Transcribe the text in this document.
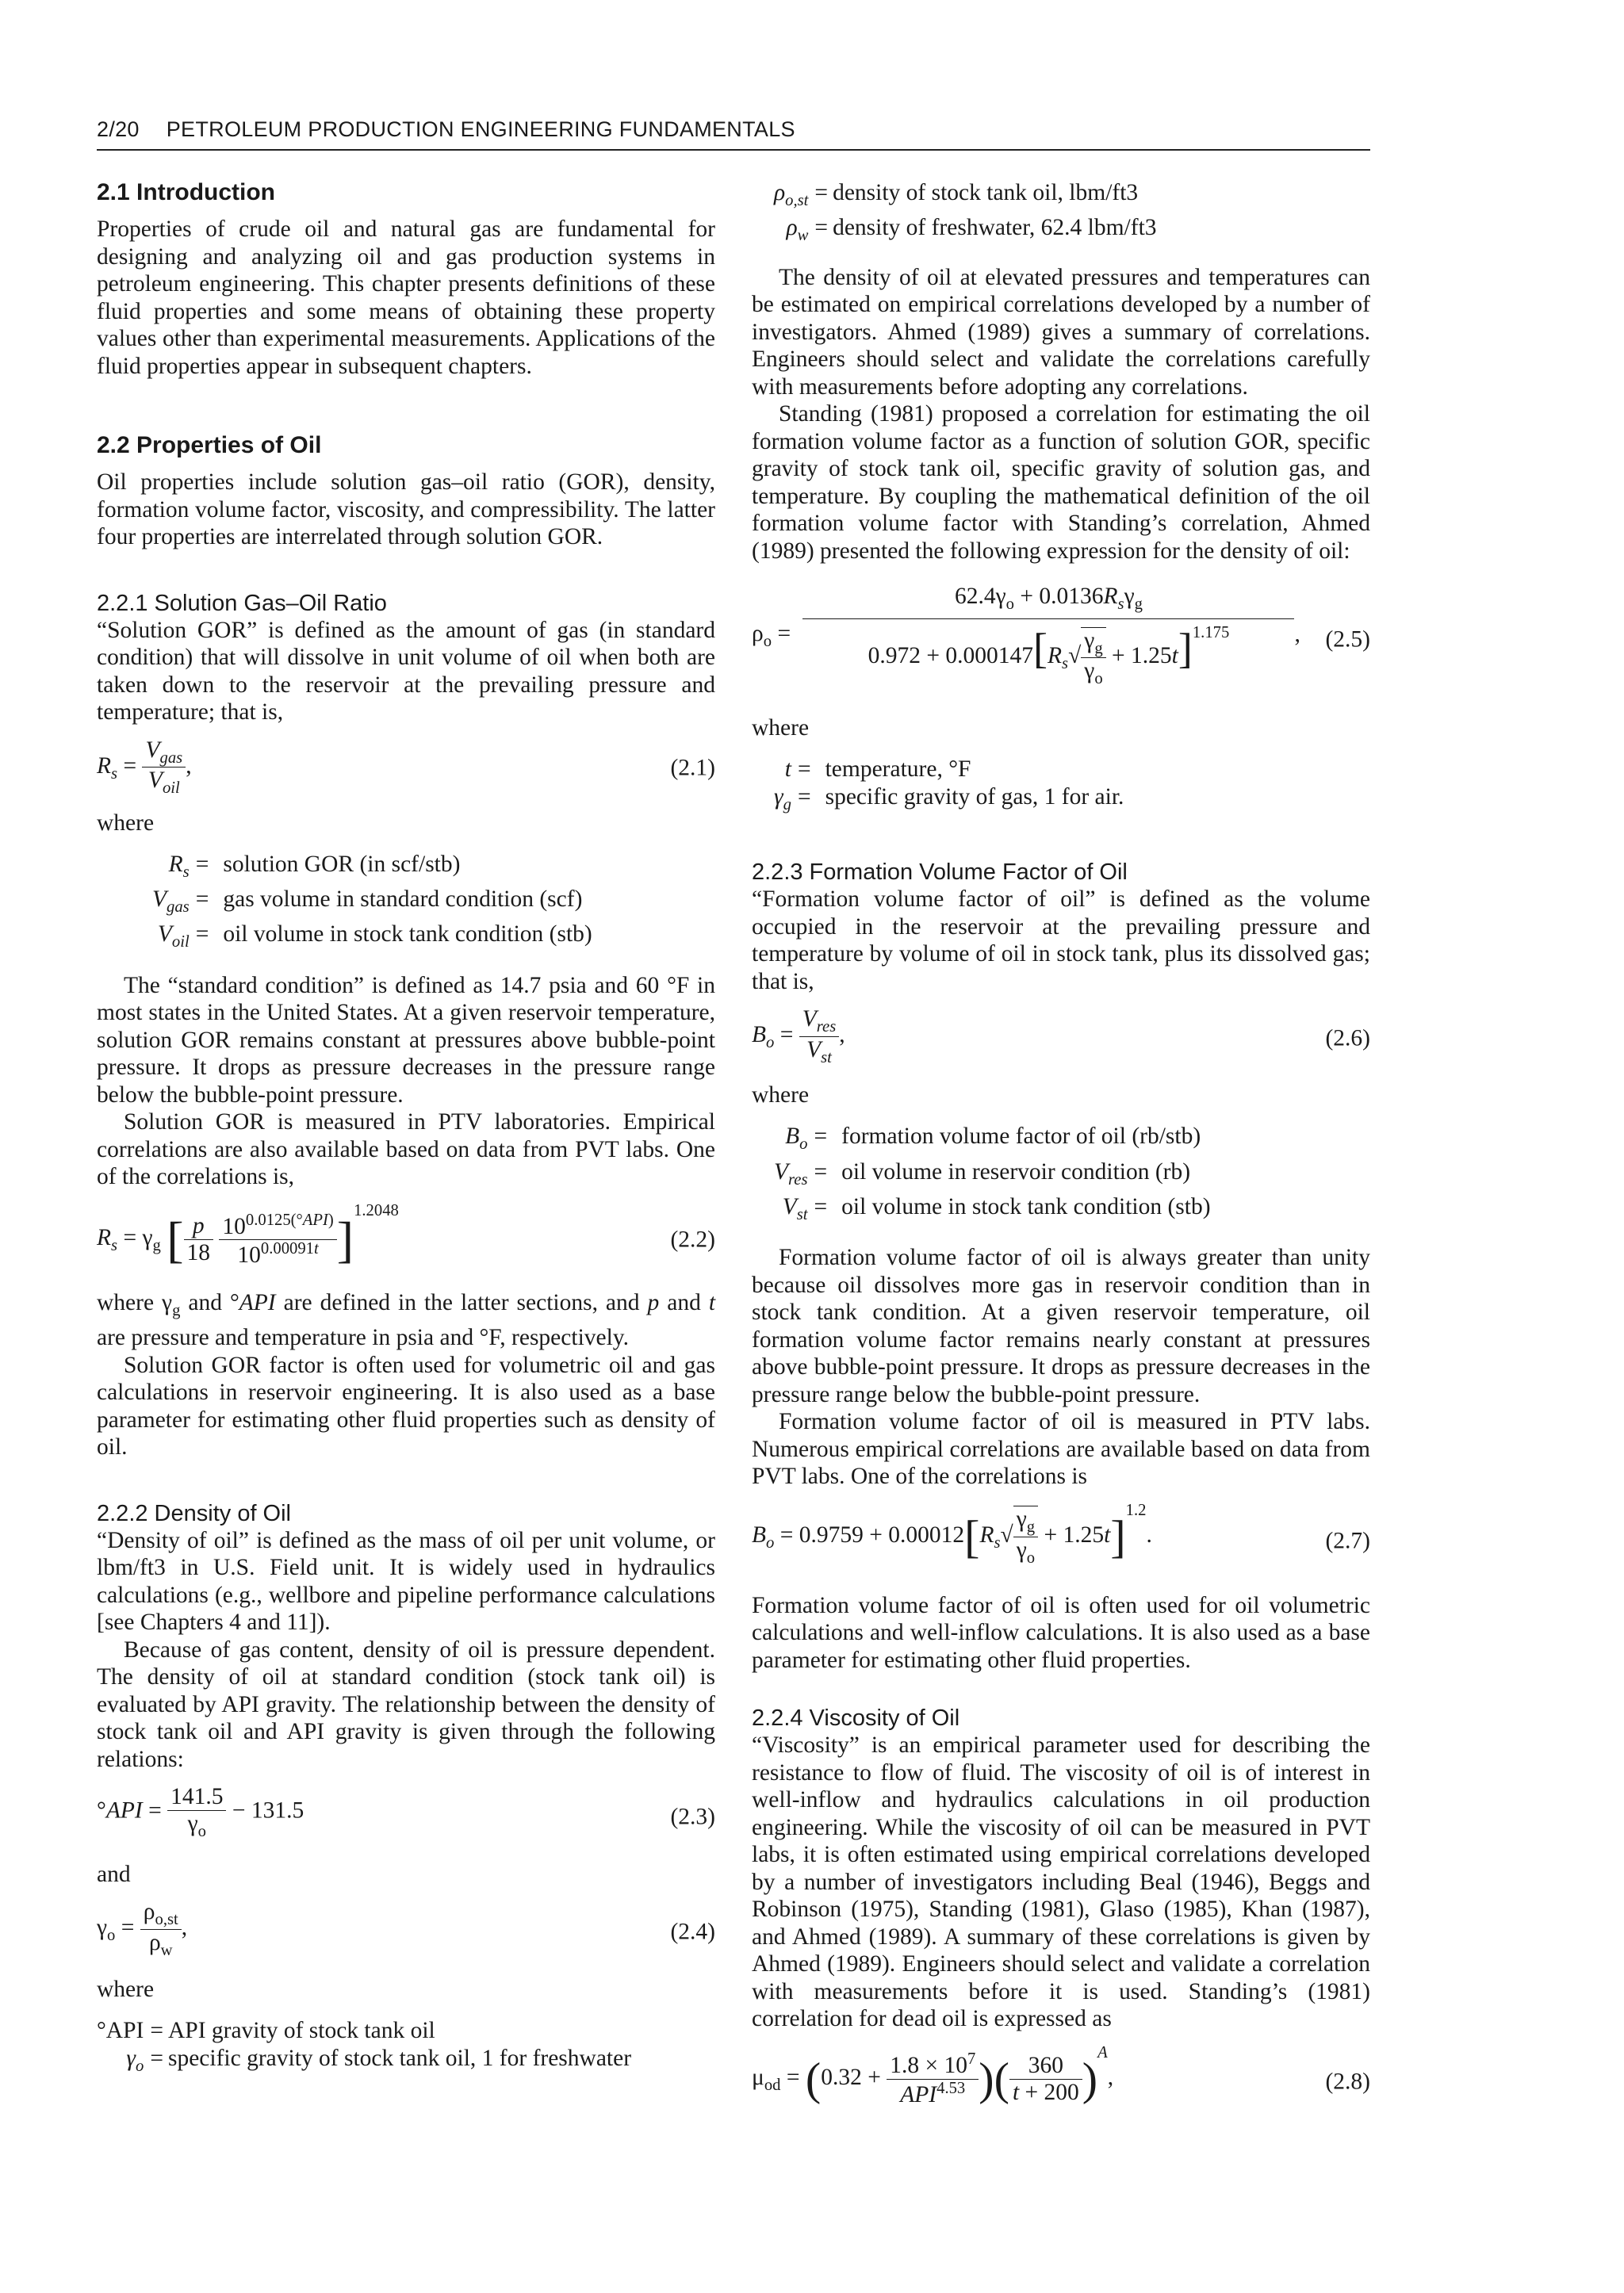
2/20 PETROLEUM PRODUCTION ENGINEERING FUNDAMENTALS
2.1 Introduction

Properties of crude oil and natural gas are fundamental for designing and analyzing oil and gas production systems in petroleum engineering. This chapter presents definitions of these fluid properties and some means of obtaining these property values other than experimental measurements. Applications of the fluid properties appear in subsequent chapters.

2.2 Properties of Oil

Oil properties include solution gas–oil ratio (GOR), density, formation volume factor, viscosity, and compressibility. The latter four properties are interrelated through solution GOR.

2.2.1 Solution Gas–Oil Ratio

“Solution GOR” is defined as the amount of gas (in standard condition) that will dissolve in unit volume of oil when both are taken down to the reservoir at the prevailing pressure and temperature; that is,

$R_s = \frac{V_{gas}}{V_{oil}}$ ,	(2.1)
where
$R_s$	=	solution GOR (in scf/stb)
$V_{gas}$	=	gas volume in standard condition (scf)
$V_{oil}$	=	oil volume in stock tank condition (stb)

The “standard condition” is defined as 14.7 psia and 60 °F in most states in the United States. At a given reservoir temperature, solution GOR remains constant at pressures above bubble-point pressure. It drops as pressure decreases in the pressure range below the bubble-point pressure.

Solution GOR is measured in PTV laboratories. Empirical correlations are also available based on data from PVT labs. One of the correlations is,

$R_s = \gamma_g$ [ $\frac{p}{18}$
$\frac{10^{0.0125(^\circ API)}}{10^{0.00091t}} ]^{1.2048}$
(2.2)

where $\gamma_g$ and °API are defined in the latter sections, and p and t are pressure and temperature in psia and °F, respectively.

Solution GOR factor is often used for volumetric oil and gas calculations in reservoir engineering. It is also used as a base parameter for estimating other fluid properties such as density of oil.

2.2.2 Density of Oil

“Density of oil” is defined as the mass of oil per unit volume, or lbm/ft3 in U.S. Field unit. It is widely used in hydraulics calculations (e.g., wellbore and pipeline performance calculations [see Chapters 4 and 11]).

Because of gas content, density of oil is pressure dependent. The density of oil at standard condition (stock tank oil) is evaluated by API gravity. The relationship between the density of stock tank oil and API gravity is given through the following relations:

$^\circ API = \frac{141.5}{\gamma_o} - 131.5$	(2.3)
and
$\gamma_o = \frac{\rho_{o,st}}{\rho_w}$ ,	(2.4)
where
°API	=	API gravity of stock tank oil
$\gamma_o$	=	specific gravity of stock tank oil, 1 for freshwater
$\rho_{o,st}$	=	density of stock tank oil, lbm/ft3
$\rho_w$	=	density of freshwater, 62.4 lbm/ft3

The density of oil at elevated pressures and temperatures can be estimated on empirical correlations developed by a number of investigators. Ahmed (1989) gives a summary of correlations. Engineers should select and validate the correlations carefully with measurements before adopting any correlations.

Standing (1981) proposed a correlation for estimating the oil formation volume factor as a function of solution GOR, specific gravity of stock tank oil, specific gravity of solution gas, and temperature. By coupling the mathematical definition of the oil formation volume factor with Standing’s correlation, Ahmed (1989) presented the following expression for the density of oil:

$\rho_o = \frac{62.4\gamma_o + 0.0136R_s\gamma_g}{0.972 + 0.000147[R_s√ \frac{\gamma_g}{\gamma_o} + 1.25t]^{1.175}}$ , (2.5)
where
t	=	temperature, °F
$\gamma_g$	=	specific gravity of gas, 1 for air.
2.2.3 Formation Volume Factor of Oil

“Formation volume factor of oil” is defined as the volume occupied in the reservoir at the prevailing pressure and temperature by volume of oil in stock tank, plus its dissolved gas; that is,

$B_o = \frac{V_{res}}{V_{st}}$ ,	(2.6)
where
$B_o$	=	formation volume factor of oil (rb/stb)
$V_{res}$	=	oil volume in reservoir condition (rb)
$V_{st}$	=	oil volume in stock tank condition (stb)

Formation volume factor of oil is always greater than unity because oil dissolves more gas in reservoir condition than in stock tank condition. At a given reservoir temperature, oil formation volume factor remains nearly constant at pressures above bubble-point pressure. It drops as pressure decreases in the pressure range below the bubble-point pressure.

Formation volume factor of oil is measured in PTV labs. Numerous empirical correlations are available based on data from PVT labs. One of the correlations is

$B_o = 0.9759 + 0.00012[R_s√ \frac{\gamma_g}{\gamma_o} + 1.25t]^{1.2}$.	(2.7)

Formation volume factor of oil is often used for oil volumetric calculations and well-inflow calculations. It is also used as a base parameter for estimating other fluid properties.

2.2.4 Viscosity of Oil

“Viscosity” is an empirical parameter used for describing the resistance to flow of fluid. The viscosity of oil is of interest in well-inflow and hydraulics calculations in oil production engineering. While the viscosity of oil can be measured in PVT labs, it is often estimated using empirical correlations developed by a number of investigators including Beal (1946), Beggs and Robinson (1975), Standing (1981), Glaso (1985), Khan (1987), and Ahmed (1989). A summary of these correlations is given by Ahmed (1989). Engineers should select and validate a correlation with measurements before it is used. Standing’s (1981) correlation for dead oil is expressed as

$\mu_{od} = (0.32 + \frac{1.8 \times 10^7}{API^{4.53}}$ )( $\frac{360}{t + 200} )^A$,	(2.8)
